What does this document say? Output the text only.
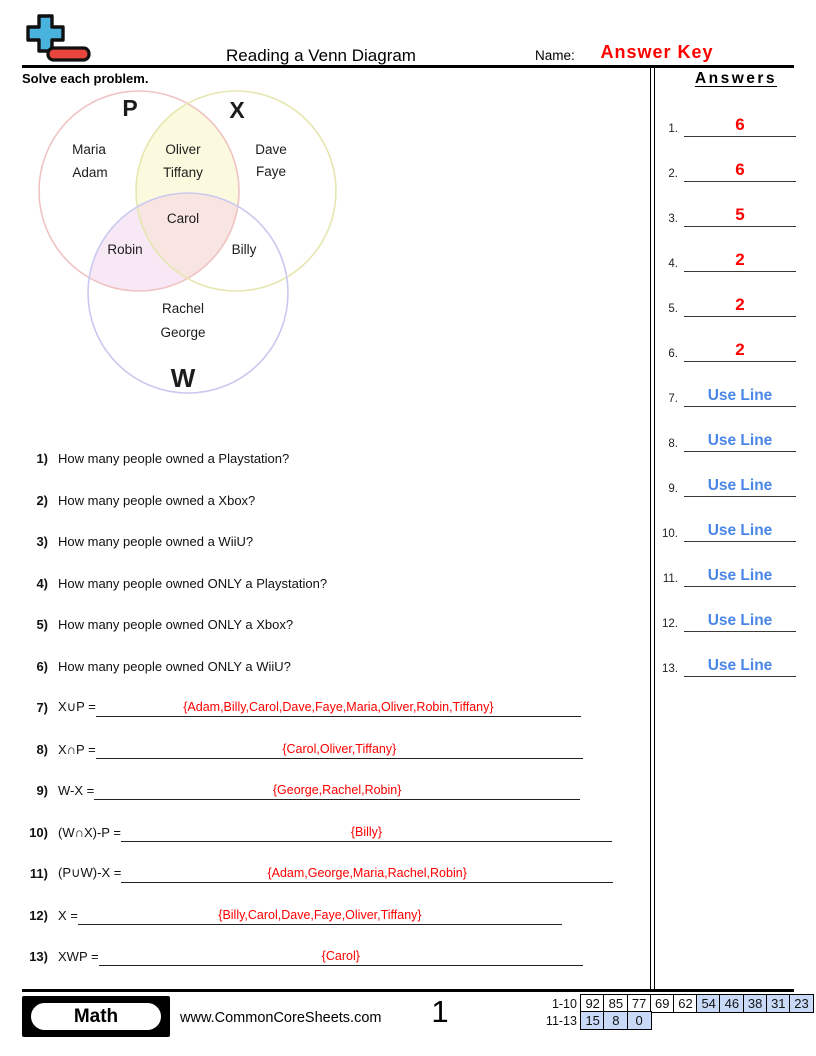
Reading a Venn Diagram	Name:	Answer Key
Solve each problem.
P	X
W
Maria
Adam
Oliver
Tiffany
Dave
Faye
Carol
Robin	Billy
Rachel
George
1) How many people owned a Playstation?
2) How many people owned a Xbox?
3) How many people owned a WiiU?
4) How many people owned ONLY a Playstation?
5) How many people owned ONLY a Xbox?
6) How many people owned ONLY a WiiU?
7) X∪P =	{Adam,Billy,Carol,Dave,Faye,Maria,Oliver,Robin,Tiffany}
8) X∩P =	{Carol,Oliver,Tiffany}
9) W-X =	{George,Rachel,Robin}
10) (W∩X)-P =	{Billy}
11) (P∪W)-X =	{Adam,George,Maria,Rachel,Robin}
12) X =	{Billy,Carol,Dave,Faye,Oliver,Tiffany}
13) XWP =	{Carol}
Answers
1.	6
2.	6
3.	5
4.	2
5.	2
6.	2
7.	Use Line
8.	Use Line
9.	Use Line
10.	Use Line
11.	Use Line
12.	Use Line
13.	Use Line
Math	www.CommonCoreSheets.com	1	1-10 92 85 77 69 62 54 46 38 31 23
11-13 15 8	0
